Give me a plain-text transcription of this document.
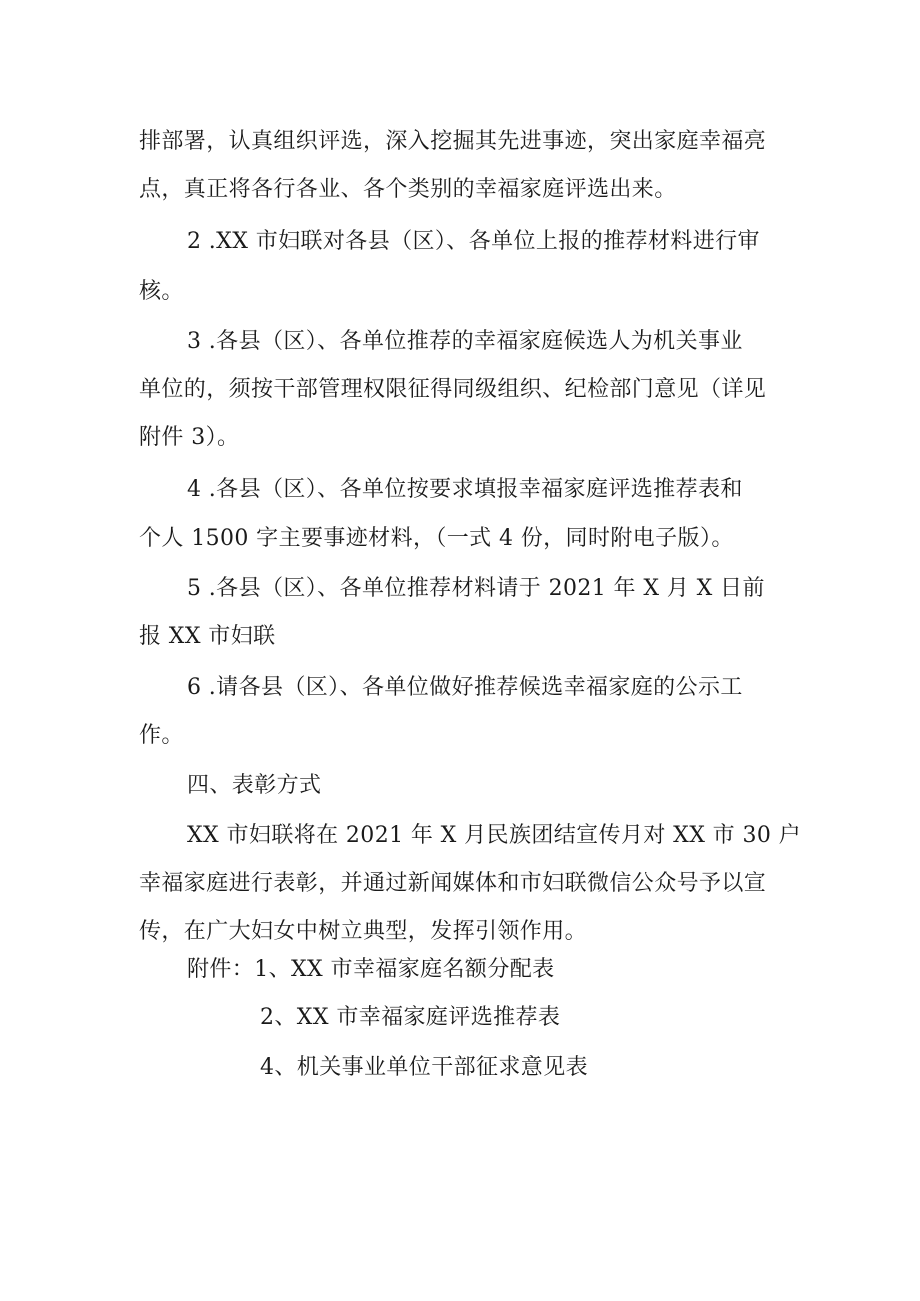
排部署，认真组织评选，深入挖掘其先进事迹，突出家庭幸福亮
点，真正将各行各业、各个类别的幸福家庭评选出来。
2 .XX 市妇联对各县（区）、各单位上报的推荐材料进行审
核。
3 .各县（区）、各单位推荐的幸福家庭候选人为机关事业
单位的，须按干部管理权限征得同级组织、纪检部门意见（详见
附件 3）。
4 .各县（区）、各单位按要求填报幸福家庭评选推荐表和
个人 1500 字主要事迹材料，（一式 4 份，同时附电子版）。
5 .各县（区）、各单位推荐材料请于 2021 年 X 月 X 日前
报 XX 市妇联
6 .请各县（区）、各单位做好推荐候选幸福家庭的公示工
作。
四、表彰方式
XX 市妇联将在 2021 年 X 月民族团结宣传月对 XX 市 30 户
幸福家庭进行表彰，并通过新闻媒体和市妇联微信公众号予以宣
传，在广大妇女中树立典型，发挥引领作用。
附件：1、XX 市幸福家庭名额分配表
2、XX 市幸福家庭评选推荐表
4、机关事业单位干部征求意见表
